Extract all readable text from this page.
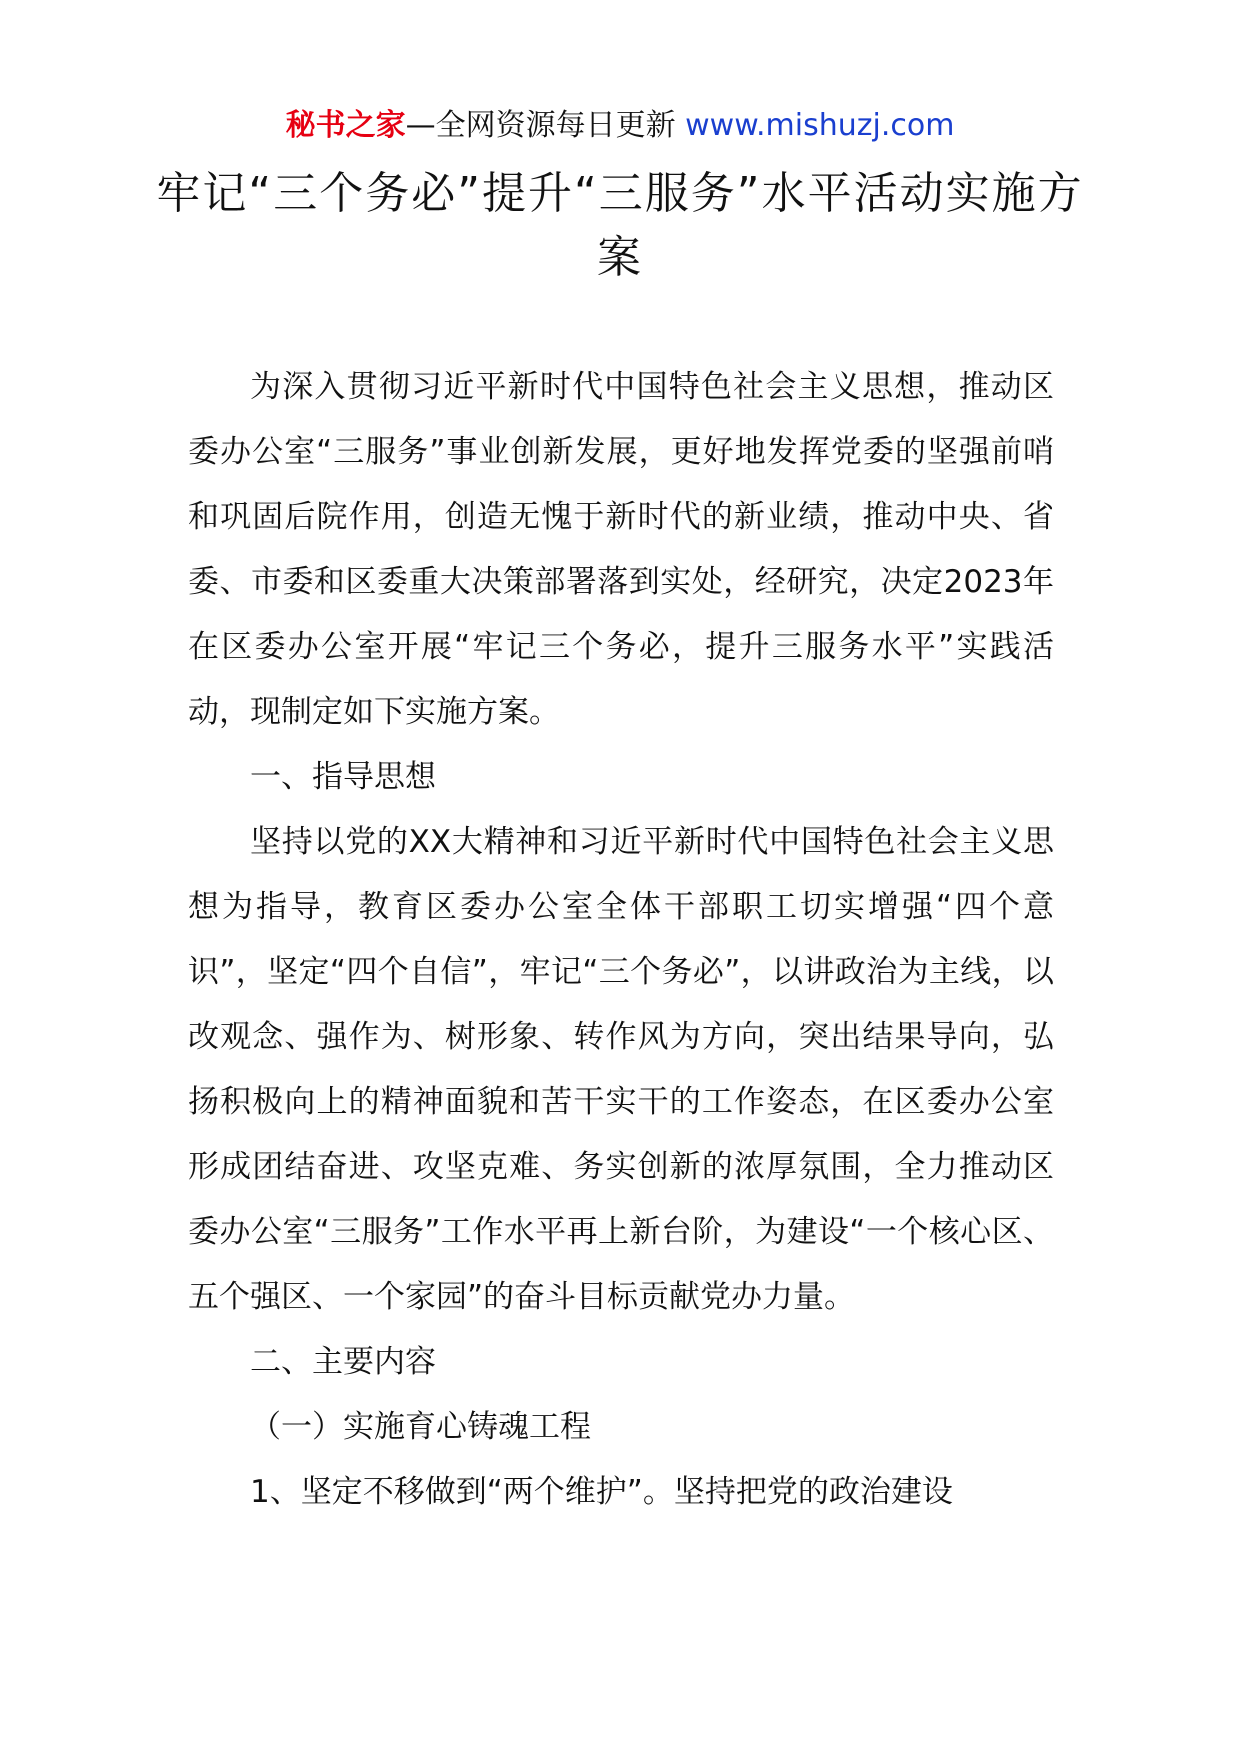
秘书之家—全网资源每日更新 www.mishuzj.com
牢记“三个务必”提升“三服务”水平活动实施方案

为深入贯彻习近平新时代中国特色社会主义思想，推动区委办公室“三服务”事业创新发展，更好地发挥党委的坚强前哨和巩固后院作用，创造无愧于新时代的新业绩，推动中央、省委、市委和区委重大决策部署落到实处，经研究，决定2023年在区委办公室开展“牢记三个务必，提升三服务水平”实践活动，现制定如下实施方案。

一、指导思想

坚持以党的XX大精神和习近平新时代中国特色社会主义思想为指导，教育区委办公室全体干部职工切实增强“四个意识”，坚定“四个自信”，牢记“三个务必”，以讲政治为主线，以改观念、强作为、树形象、转作风为方向，突出结果导向，弘扬积极向上的精神面貌和苦干实干的工作姿态，在区委办公室形成团结奋进、攻坚克难、务实创新的浓厚氛围，全力推动区委办公室“三服务”工作水平再上新台阶，为建设“一个核心区、五个强区、一个家园”的奋斗目标贡献党办力量。

二、主要内容

（一）实施育心铸魂工程

1、坚定不移做到“两个维护”。坚持把党的政治建设
